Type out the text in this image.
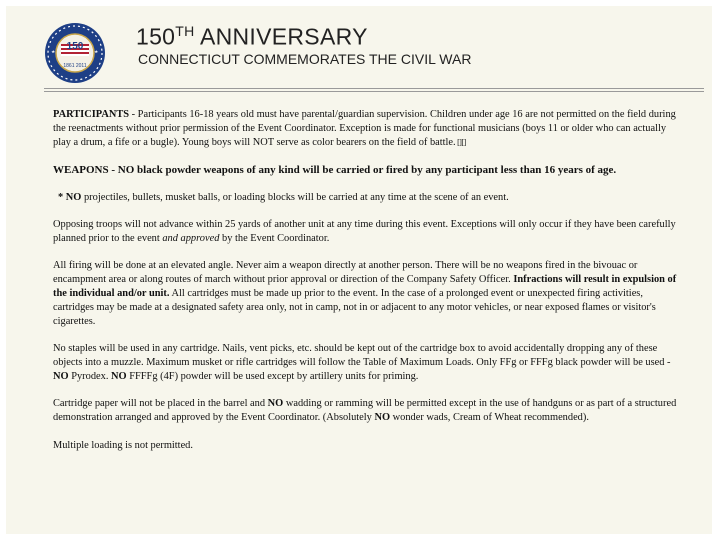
150
1861 2011
150TH ANNIVERSARY
CONNECTICUT COMMEMORATES THE CIVIL WAR

PARTICIPANTS - Participants 16-18 years old must have parental/guardian supervision. Children under age 16 are not permitted on the field during the reenactments without prior permission of the Event Coordinator. Exception is made for functional musicians (boys 11 or older who can actually play a drum, a fife or a bugle). Young boys will NOT serve as color bearers on the field of battle. [][]

WEAPONS - NO black powder weapons of any kind will be carried or fired by any participant less than 16 years of age.

* NO projectiles, bullets, musket balls, or loading blocks will be carried at any time at the scene of an event.

Opposing troops will not advance within 25 yards of another unit at any time during this event. Exceptions will only occur if they have been carefully planned prior to the event and approved by the Event Coordinator.

All firing will be done at an elevated angle. Never aim a weapon directly at another person. There will be no weapons fired in the bivouac or encampment area or along routes of march without prior approval or direction of the Company Safety Officer. Infractions will result in expulsion of the individual and/or unit. All cartridges must be made up prior to the event. In the case of a prolonged event or unexpected firing activities, cartridges may be made at a designated safety area only, not in camp, not in or adjacent to any motor vehicles, or near exposed flames or visitor's cigarettes.

No staples will be used in any cartridge. Nails, vent picks, etc. should be kept out of the cartridge box to avoid accidentally dropping any of these objects into a muzzle. Maximum musket or rifle cartridges will follow the Table of Maximum Loads. Only FFg or FFFg black powder will be used - NO Pyrodex. NO FFFFg (4F) powder will be used except by artillery units for priming.

Cartridge paper will not be placed in the barrel and NO wadding or ramming will be permitted except in the use of handguns or as part of a structured demonstration arranged and approved by the Event Coordinator. (Absolutely NO wonder wads, Cream of Wheat recommended).

Multiple loading is not permitted.
